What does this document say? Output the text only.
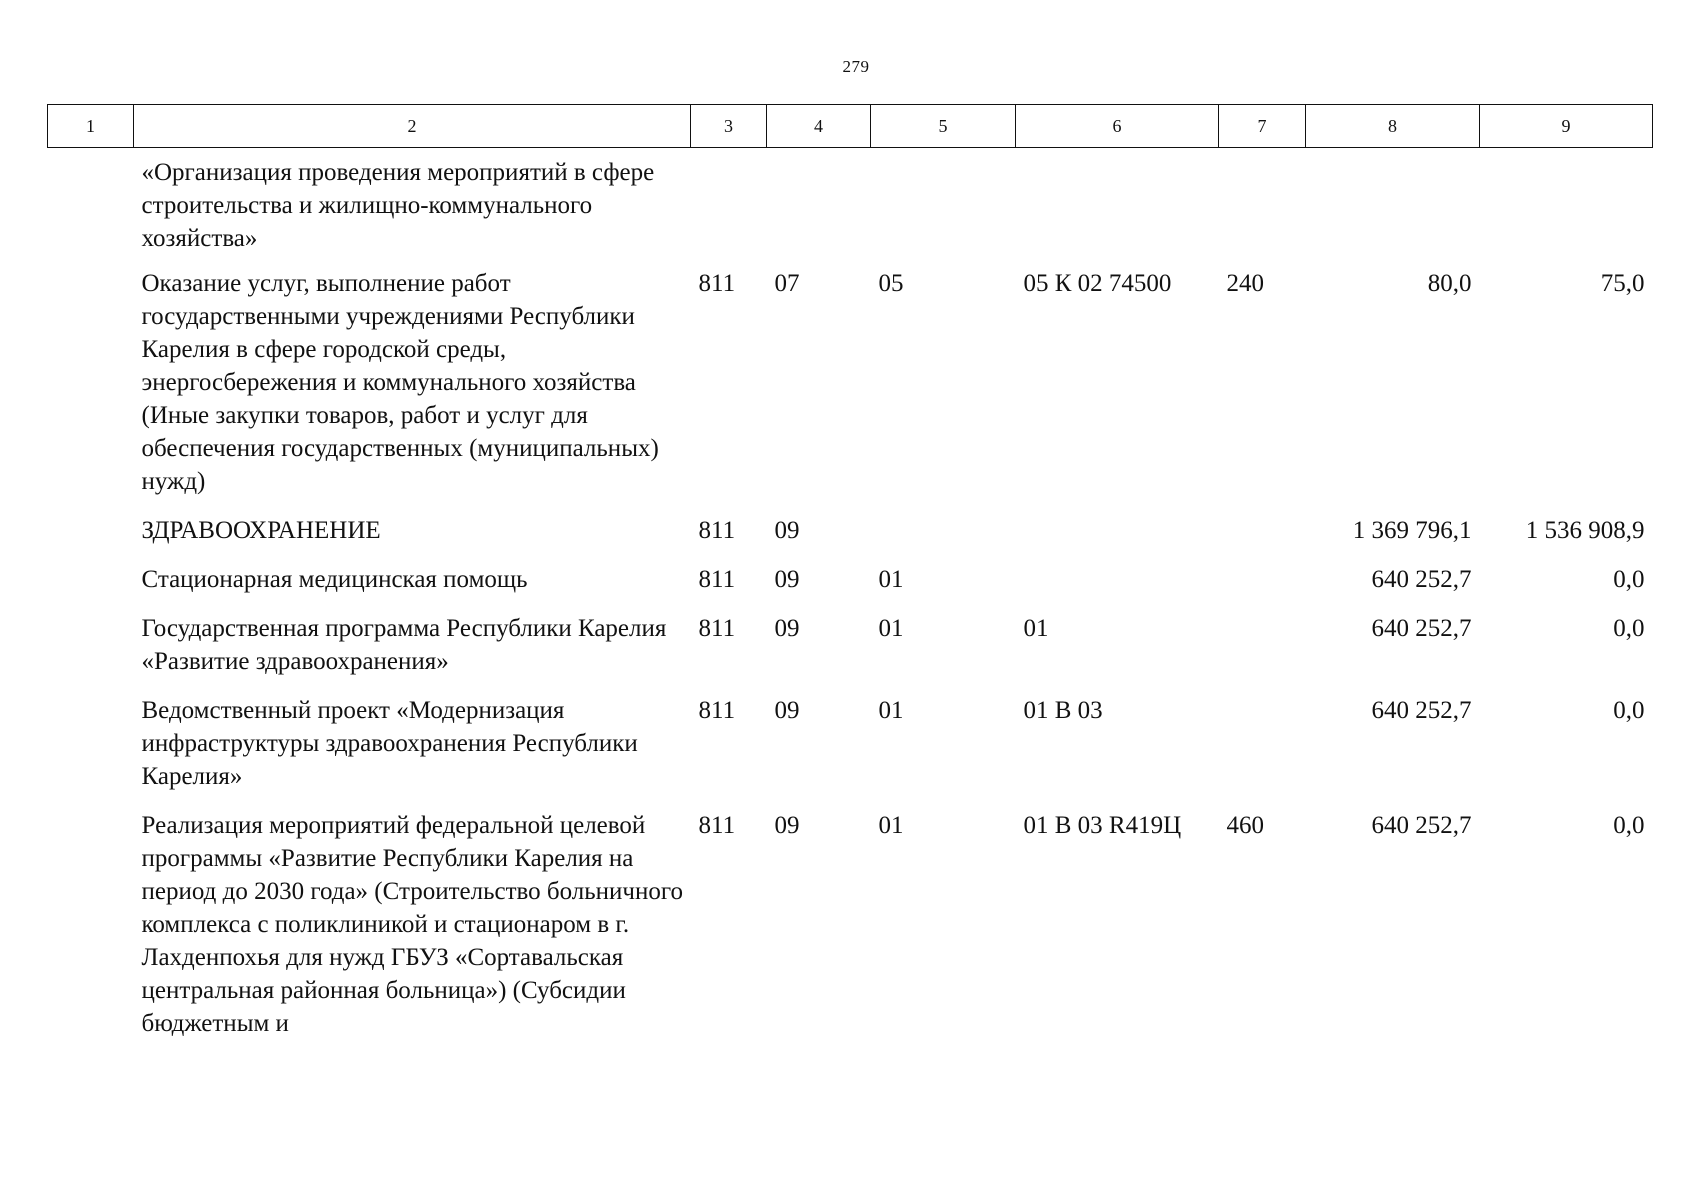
279
1	2	3	4	5	6	7	8	9
	«Организация проведения мероприятий в сфере строительства и жилищно-коммунального хозяйства»							
	Оказание услуг, выполнение работ государственными учреждениями Республики Карелия в сфере городской среды, энергосбережения и коммунального хозяйства (Иные закупки товаров, работ и услуг для обеспечения государственных (муниципальных) нужд)	811	07	05	05 К 02 74500	240	80,0	75,0
	ЗДРАВООХРАНЕНИЕ	811	09				1 369 796,1	1 536 908,9
	Стационарная медицинская помощь	811	09	01			640 252,7	0,0
	Государственная программа Республики Карелия «Развитие здравоохранения»	811	09	01	01		640 252,7	0,0
	Ведомственный проект «Модернизация инфраструктуры здравоохранения Республики Карелия»	811	09	01	01 В 03		640 252,7	0,0
	Реализация мероприятий федеральной целевой программы «Развитие Республики Карелия на период до 2030 года» (Строительство больничного комплекса с поликлиникой и стационаром в г. Лахденпохья для нужд ГБУЗ «Сортавальская центральная районная больница») (Субсидии бюджетным и	811	09	01	01 В 03 R419Ц	460	640 252,7	0,0
